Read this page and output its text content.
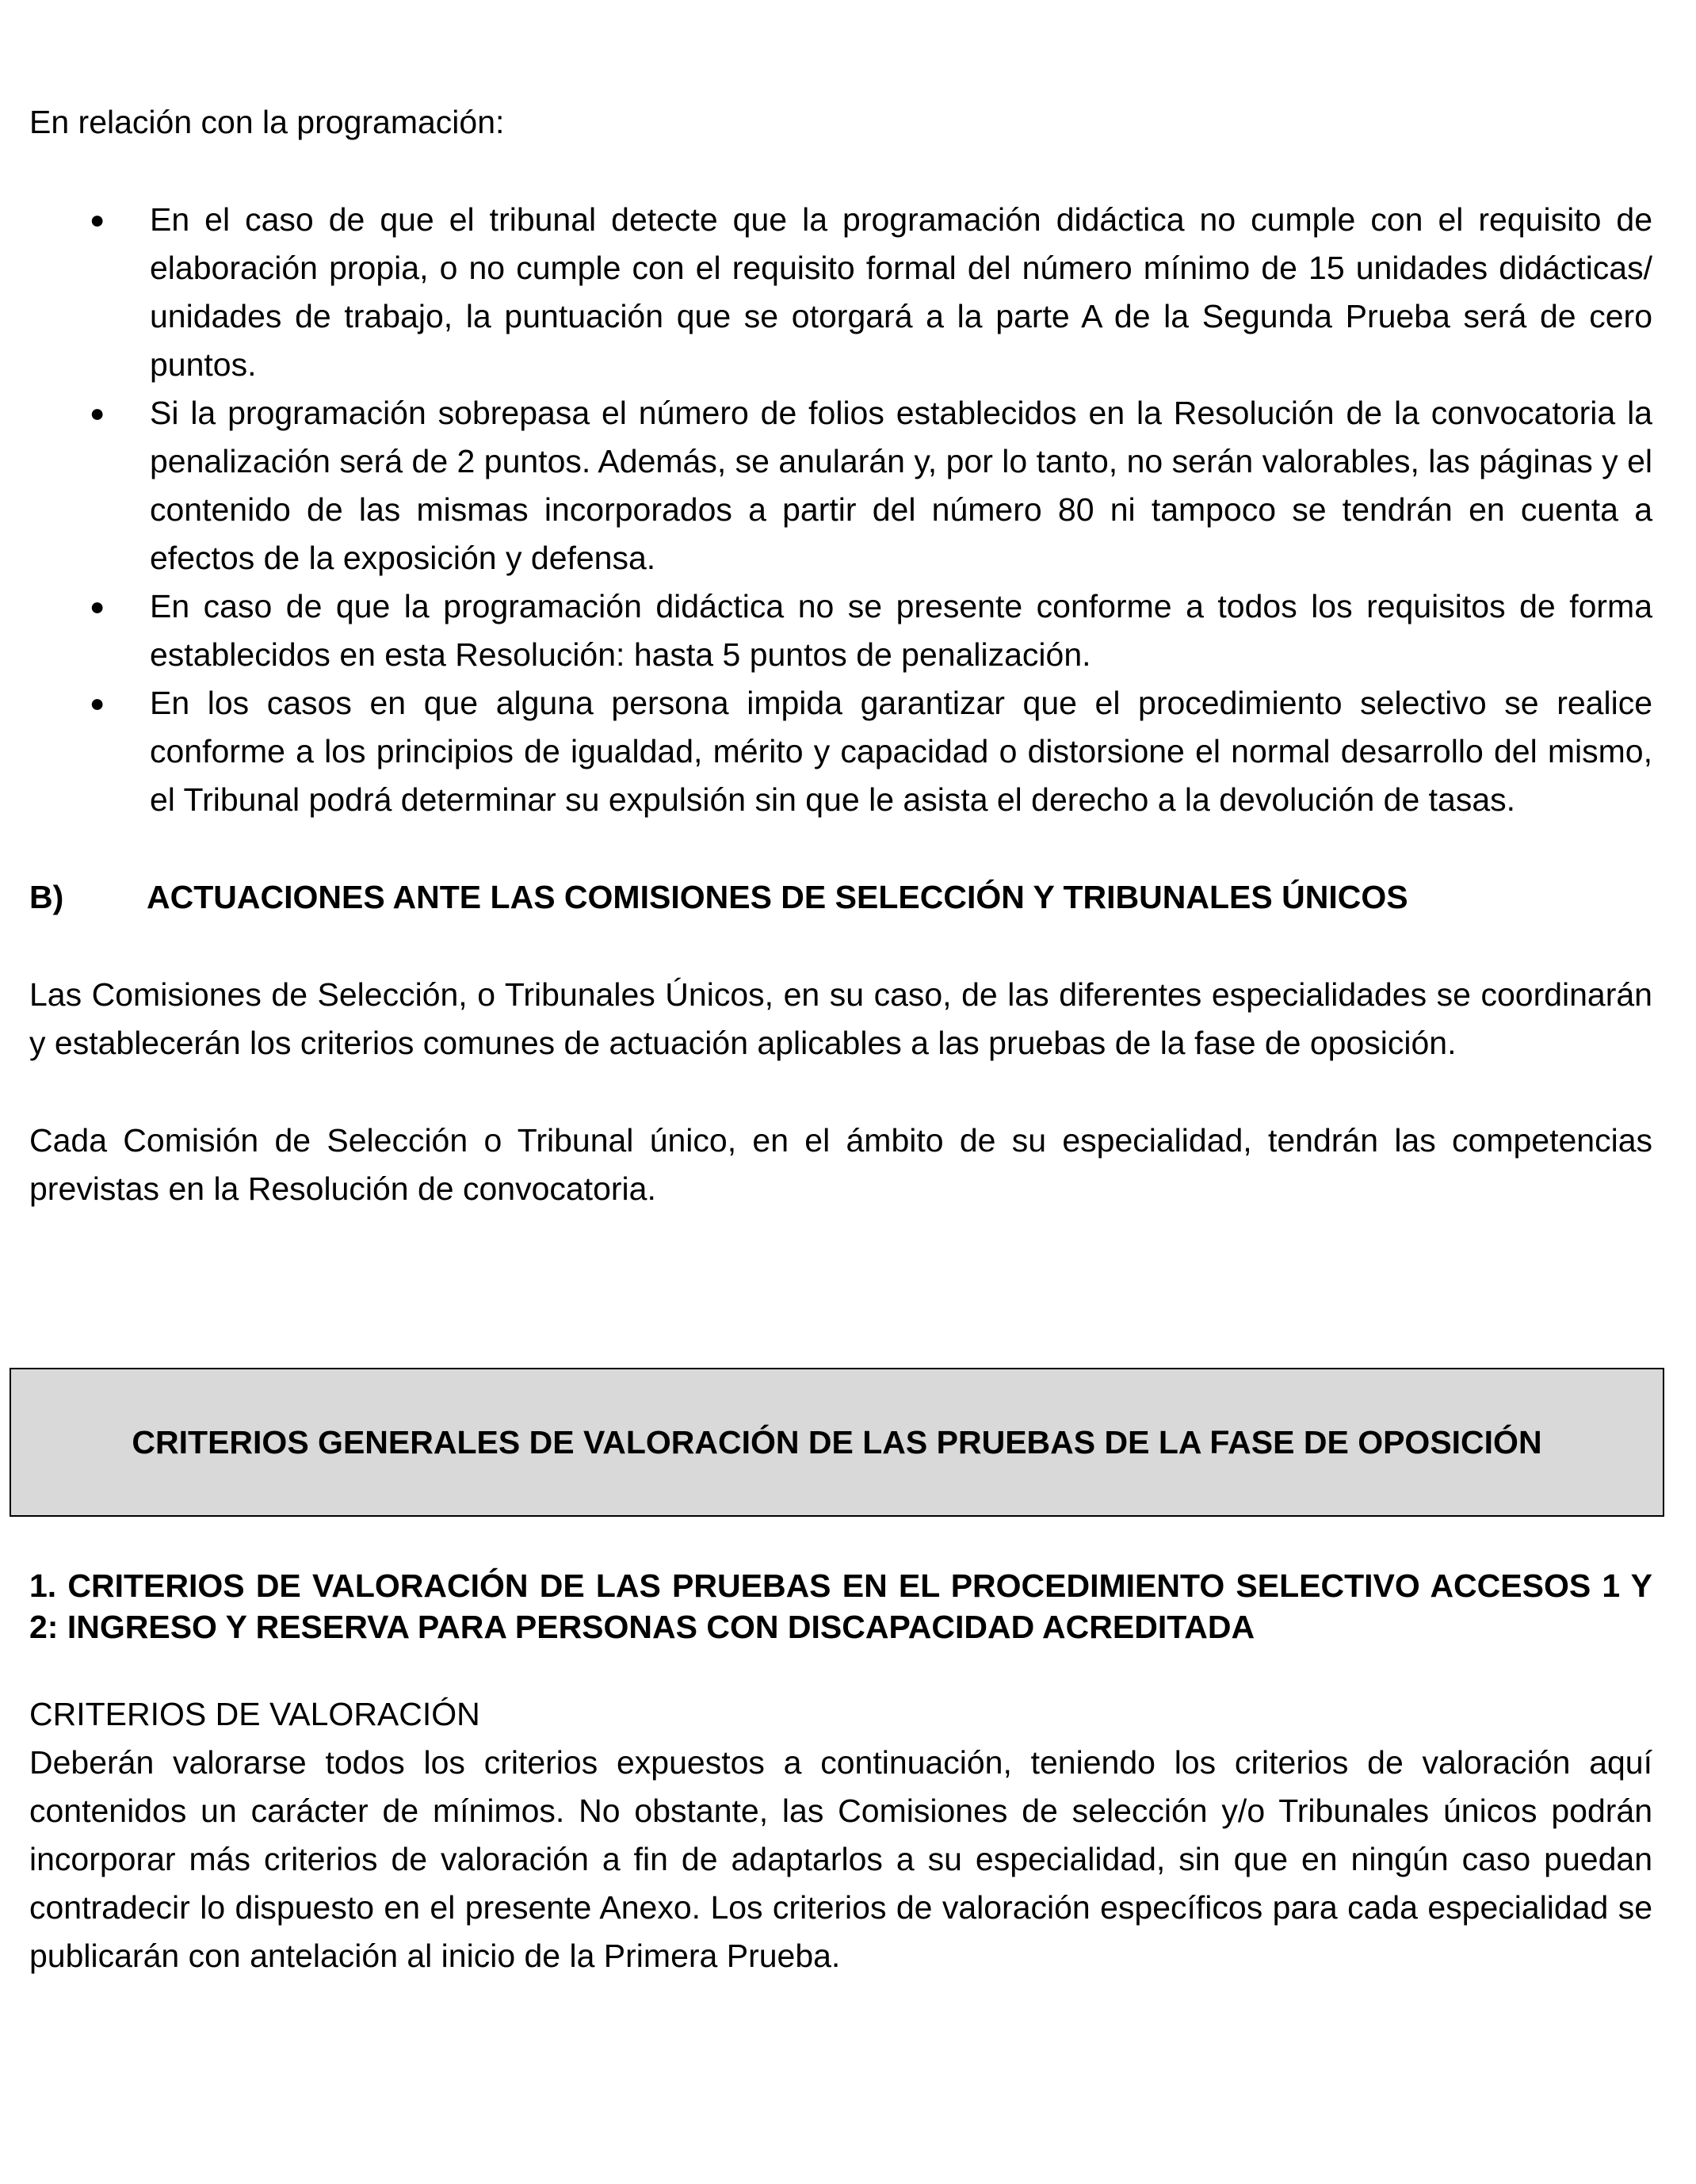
En relación con la programación:

● En el caso de que el tribunal detecte que la programación didáctica no cumple con el requisito de elaboración propia, o no cumple con el requisito formal del número mínimo de 15 unidades didácticas/ unidades de trabajo, la puntuación que se otorgará a la parte A de la Segunda Prueba será de cero puntos.
● Si la programación sobrepasa el número de folios establecidos en la Resolución de la convocatoria la penalización será de 2 puntos. Además, se anularán y, por lo tanto, no serán valorables, las páginas y el contenido de las mismas incorporados a partir del número 80 ni tampoco se tendrán en cuenta a efectos de la exposición y defensa.
● En caso de que la programación didáctica no se presente conforme a todos los requisitos de forma establecidos en esta Resolución: hasta 5 puntos de penalización.
● En los casos en que alguna persona impida garantizar que el procedimiento selectivo se realice conforme a los principios de igualdad, mérito y capacidad o distorsione el normal desarrollo del mismo, el Tribunal podrá determinar su expulsión sin que le asista el derecho a la devolución de tasas.
B)	ACTUACIONES ANTE LAS COMISIONES DE SELECCIÓN Y TRIBUNALES ÚNICOS

Las Comisiones de Selección, o Tribunales Únicos, en su caso, de las diferentes especialidades se coordinarán y establecerán los criterios comunes de actuación aplicables a las pruebas de la fase de oposición.

Cada Comisión de Selección o Tribunal único, en el ámbito de su especialidad, tendrán las competencias previstas en la Resolución de convocatoria.

CRITERIOS GENERALES DE VALORACIÓN DE LAS PRUEBAS DE LA FASE DE OPOSICIÓN

1. CRITERIOS DE VALORACIÓN DE LAS PRUEBAS EN EL PROCEDIMIENTO SELECTIVO ACCESOS 1 Y 2: INGRESO Y RESERVA PARA PERSONAS CON DISCAPACIDAD ACREDITADA

CRITERIOS DE VALORACIÓN

Deberán valorarse todos los criterios expuestos a continuación, teniendo los criterios de valoración aquí contenidos un carácter de mínimos. No obstante, las Comisiones de selección y/o Tribunales únicos podrán incorporar más criterios de valoración a fin de adaptarlos a su especialidad, sin que en ningún caso puedan contradecir lo dispuesto en el presente Anexo. Los criterios de valoración específicos para cada especialidad se publicarán con antelación al inicio de la Primera Prueba.
